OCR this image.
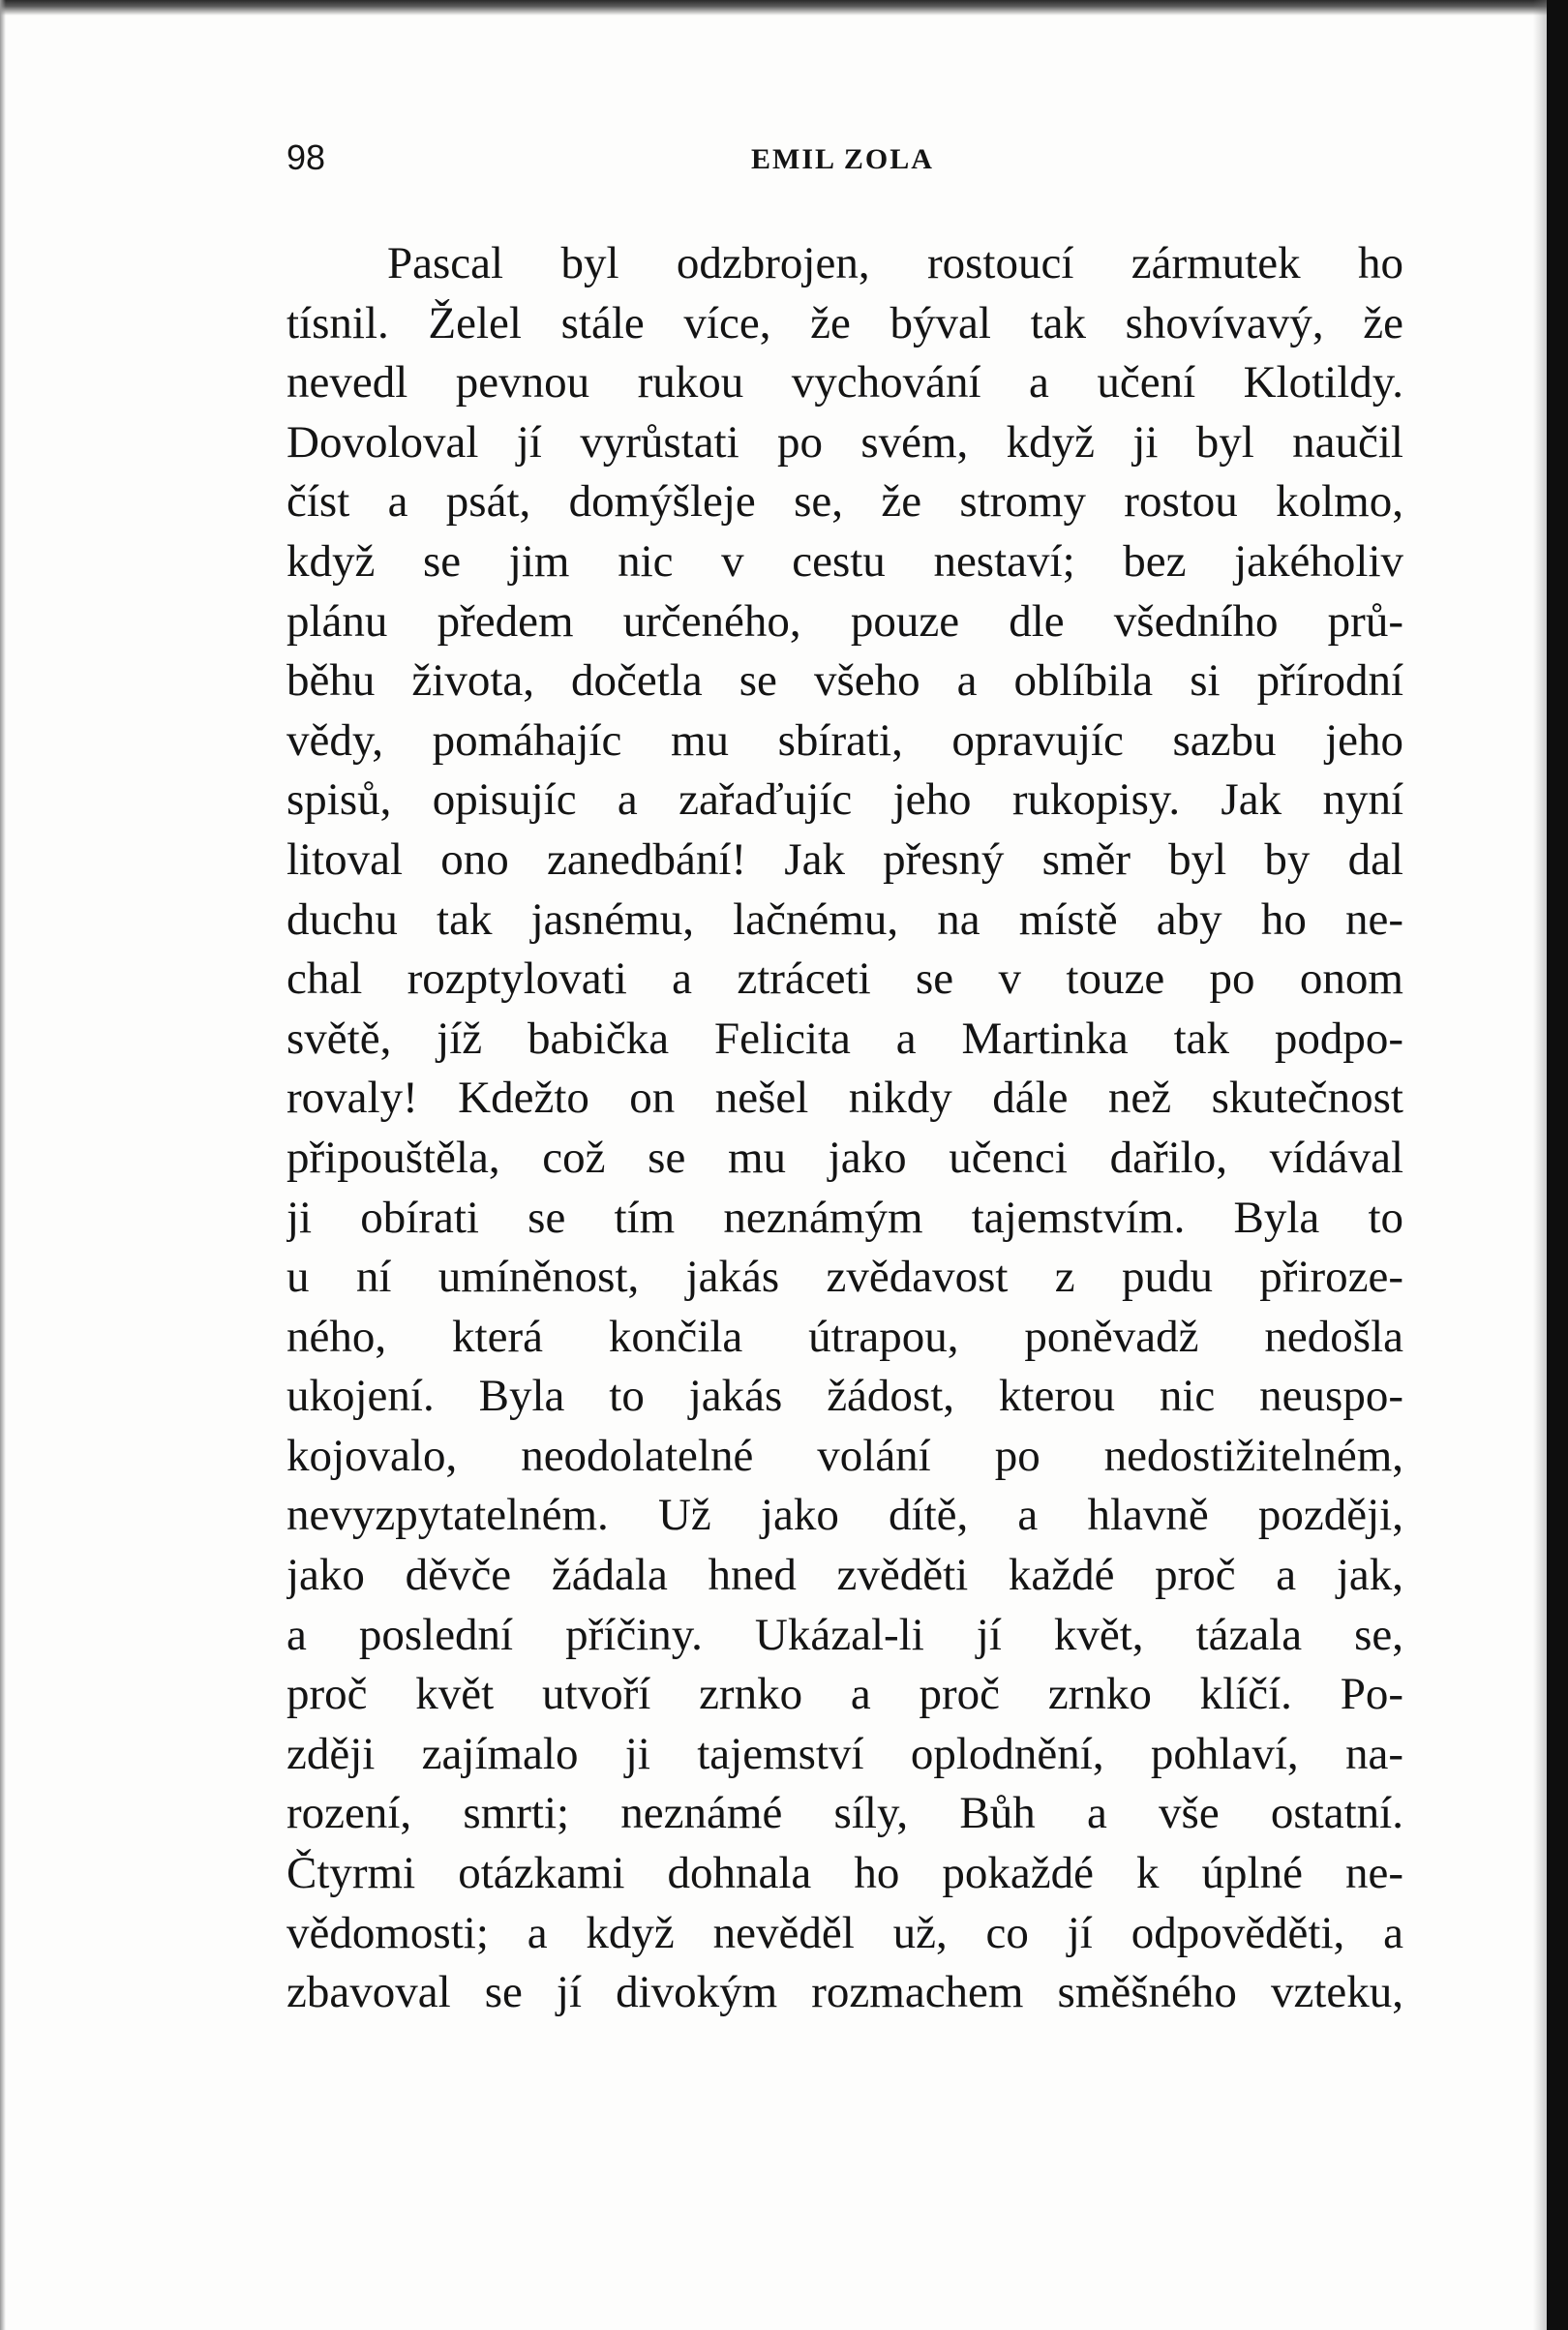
98	EMIL ZOLA
Pascal byl odzbrojen, rostoucí zármutek ho
tísnil. Želel stále více, že býval tak shovívavý, že
nevedl pevnou rukou vychování a učení Klotildy.
Dovoloval jí vyrůstati po svém, když ji byl naučil
číst a psát, domýšleje se, že stromy rostou kolmo,
když se jim nic v cestu nestaví; bez jakéholiv
plánu předem určeného, pouze dle všedního prů-
běhu života, dočetla se všeho a oblíbila si přírodní
vědy, pomáhajíc mu sbírati, opravujíc sazbu jeho
spisů, opisujíc a zařaďujíc jeho rukopisy. Jak nyní
litoval ono zanedbání! Jak přesný směr byl by dal
duchu tak jasnému, lačnému, na místě aby ho ne-
chal rozptylovati a ztráceti se v touze po onom
světě, jíž babička Felicita a Martinka tak podpo-
rovaly! Kdežto on nešel nikdy dále než skutečnost
připouštěla, což se mu jako učenci dařilo, vídával
ji obírati se tím neznámým tajemstvím. Byla to
u ní umíněnost, jakás zvědavost z pudu přiroze-
ného, která končila útrapou, poněvadž nedošla
ukojení. Byla to jakás žádost, kterou nic neuspo-
kojovalo, neodolatelné volání po nedostižitelném,
nevyzpytatelném. Už jako dítě, a hlavně později,
jako děvče žádala hned zvěděti každé proč a jak,
a poslední příčiny. Ukázal-li jí květ, tázala se,
proč květ utvoří zrnko a proč zrnko klíčí. Po-
zději zajímalo ji tajemství oplodnění, pohlaví, na-
rození, smrti; neznámé síly, Bůh a vše ostatní.
Čtyrmi otázkami dohnala ho pokaždé k úplné ne-
vědomosti; a když nevěděl už, co jí odpověděti, a
zbavoval se jí divokým rozmachem směšného vzteku,
